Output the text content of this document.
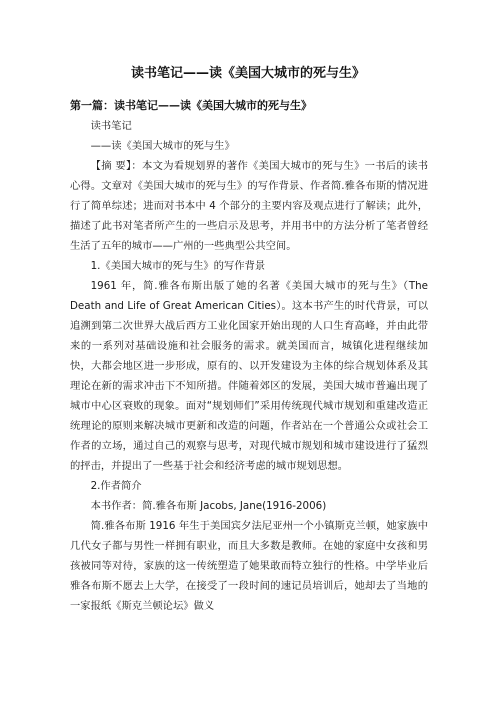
读书笔记——读《美国大城市的死与生》
第一篇：读书笔记——读《美国大城市的死与生》

读书笔记

——读《美国大城市的死与生》

【摘 要】：本文为看规划界的著作《美国大城市的死与生》一书后的读书心得。文章对《美国大城市的死与生》的写作背景、作者简.雅各布斯的情况进行了简单综述；进而对书本中 4 个部分的主要内容及观点进行了解读；此外，描述了此书对笔者所产生的一些启示及思考，并用书中的方法分析了笔者曾经生活了五年的城市——广州的一些典型公共空间。

1.《美国大城市的死与生》的写作背景

1961 年，简.雅各布斯出版了她的名著《美国大城市的死与生》（The Death and Life of Great American Cities）。这本书产生的时代背景，可以追溯到第二次世界大战后西方工业化国家开始出现的人口生育高峰，并由此带来的一系列对基础设施和社会服务的需求。就美国而言，城镇化进程继续加快，大都会地区进一步形成，原有的、以开发建设为主体的综合规划体系及其理论在新的需求冲击下不知所措。伴随着郊区的发展，美国大城市普遍出现了城市中心区衰败的现象。面对“规划师们”采用传统现代城市规划和重建改造正统理论的原则来解决城市更新和改造的问题，作者站在一个普通公众或社会工作者的立场，通过自己的观察与思考，对现代城市规划和城市建设进行了猛烈的抨击，并提出了一些基于社会和经济考虑的城市规划思想。

2.作者简介

本书作者：简.雅各布斯 Jacobs, Jane(1916-2006)

简.雅各布斯 1916 年生于美国宾夕法尼亚州一个小镇斯克兰顿，她家族中几代女子都与男性一样拥有职业，而且大多数是教师。在她的家庭中女孩和男孩被同等对待，家族的这一传统塑造了她果敢而特立独行的性格。中学毕业后雅各布斯不愿去上大学，在接受了一段时间的速记员培训后，她却去了当地的一家报纸《斯克兰顿论坛》做义
